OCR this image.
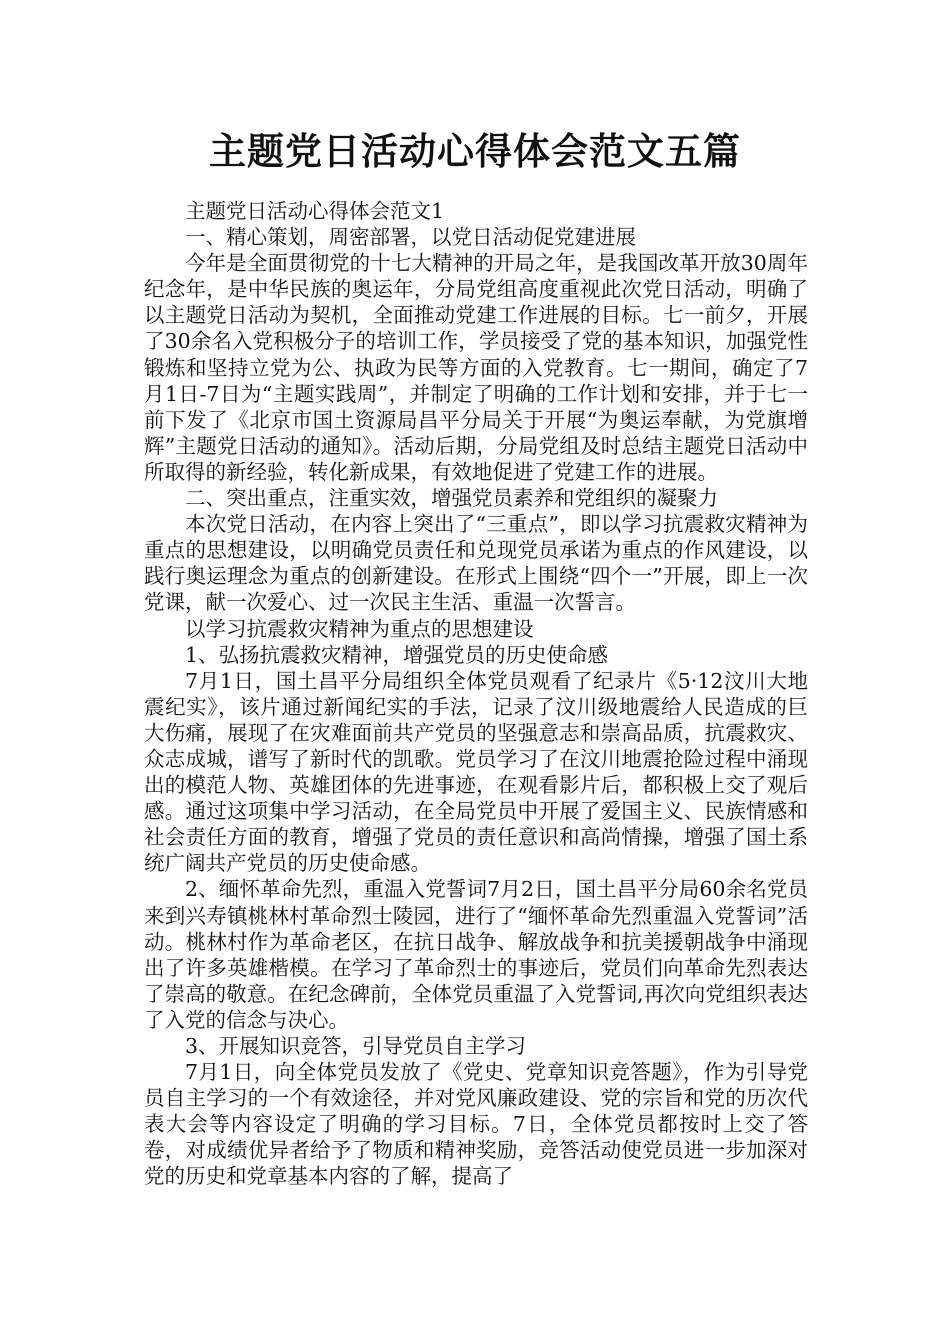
主题党日活动心得体会范文五篇

主题党日活动心得体会范文1

一、精心策划，周密部署，以党日活动促党建进展

今年是全面贯彻党的十七大精神的开局之年，是我国改革开放30周年纪念年，是中华民族的奥运年，分局党组高度重视此次党日活动，明确了以主题党日活动为契机，全面推动党建工作进展的目标。七一前夕，开展了30余名入党积极分子的培训工作，学员接受了党的基本知识，加强党性锻炼和坚持立党为公、执政为民等方面的入党教育。七一期间，确定了7月1日-7日为“主题实践周”，并制定了明确的工作计划和安排，并于七一前下发了《北京市国土资源局昌平分局关于开展“为奥运奉献，为党旗增辉”主题党日活动的通知》。活动后期，分局党组及时总结主题党日活动中所取得的新经验，转化新成果，有效地促进了党建工作的进展。

二、突出重点，注重实效，增强党员素养和党组织的凝聚力

本次党日活动，在内容上突出了“三重点”，即以学习抗震救灾精神为重点的思想建设，以明确党员责任和兑现党员承诺为重点的作风建设，以践行奥运理念为重点的创新建设。在形式上围绕“四个一”开展，即上一次党课，献一次爱心、过一次民主生活、重温一次誓言。

以学习抗震救灾精神为重点的思想建设

1、弘扬抗震救灾精神，增强党员的历史使命感

7月1日，国土昌平分局组织全体党员观看了纪录片《5·12汶川大地震纪实》，该片通过新闻纪实的手法，记录了汶川级地震给人民造成的巨大伤痛，展现了在灾难面前共产党员的坚强意志和崇高品质，抗震救灾、众志成城，谱写了新时代的凯歌。党员学习了在汶川地震抢险过程中涌现出的模范人物、英雄团体的先进事迹，在观看影片后，都积极上交了观后感。通过这项集中学习活动，在全局党员中开展了爱国主义、民族情感和社会责任方面的教育，增强了党员的责任意识和高尚情操，增强了国土系统广阔共产党员的历史使命感。

2、缅怀革命先烈，重温入党誓词7月2日，国土昌平分局60余名党员来到兴寿镇桃林村革命烈士陵园，进行了“缅怀革命先烈重温入党誓词”活动。桃林村作为革命老区，在抗日战争、解放战争和抗美援朝战争中涌现出了许多英雄楷模。在学习了革命烈士的事迹后，党员们向革命先烈表达了崇高的敬意。在纪念碑前，全体党员重温了入党誓词,再次向党组织表达了入党的信念与决心。

3、开展知识竞答，引导党员自主学习

7月1日，向全体党员发放了《党史、党章知识竞答题》，作为引导党员自主学习的一个有效途径，并对党风廉政建设、党的宗旨和党的历次代表大会等内容设定了明确的学习目标。7日，全体党员都按时上交了答卷，对成绩优异者给予了物质和精神奖励，竞答活动使党员进一步加深对党的历史和党章基本内容的了解，提高了
